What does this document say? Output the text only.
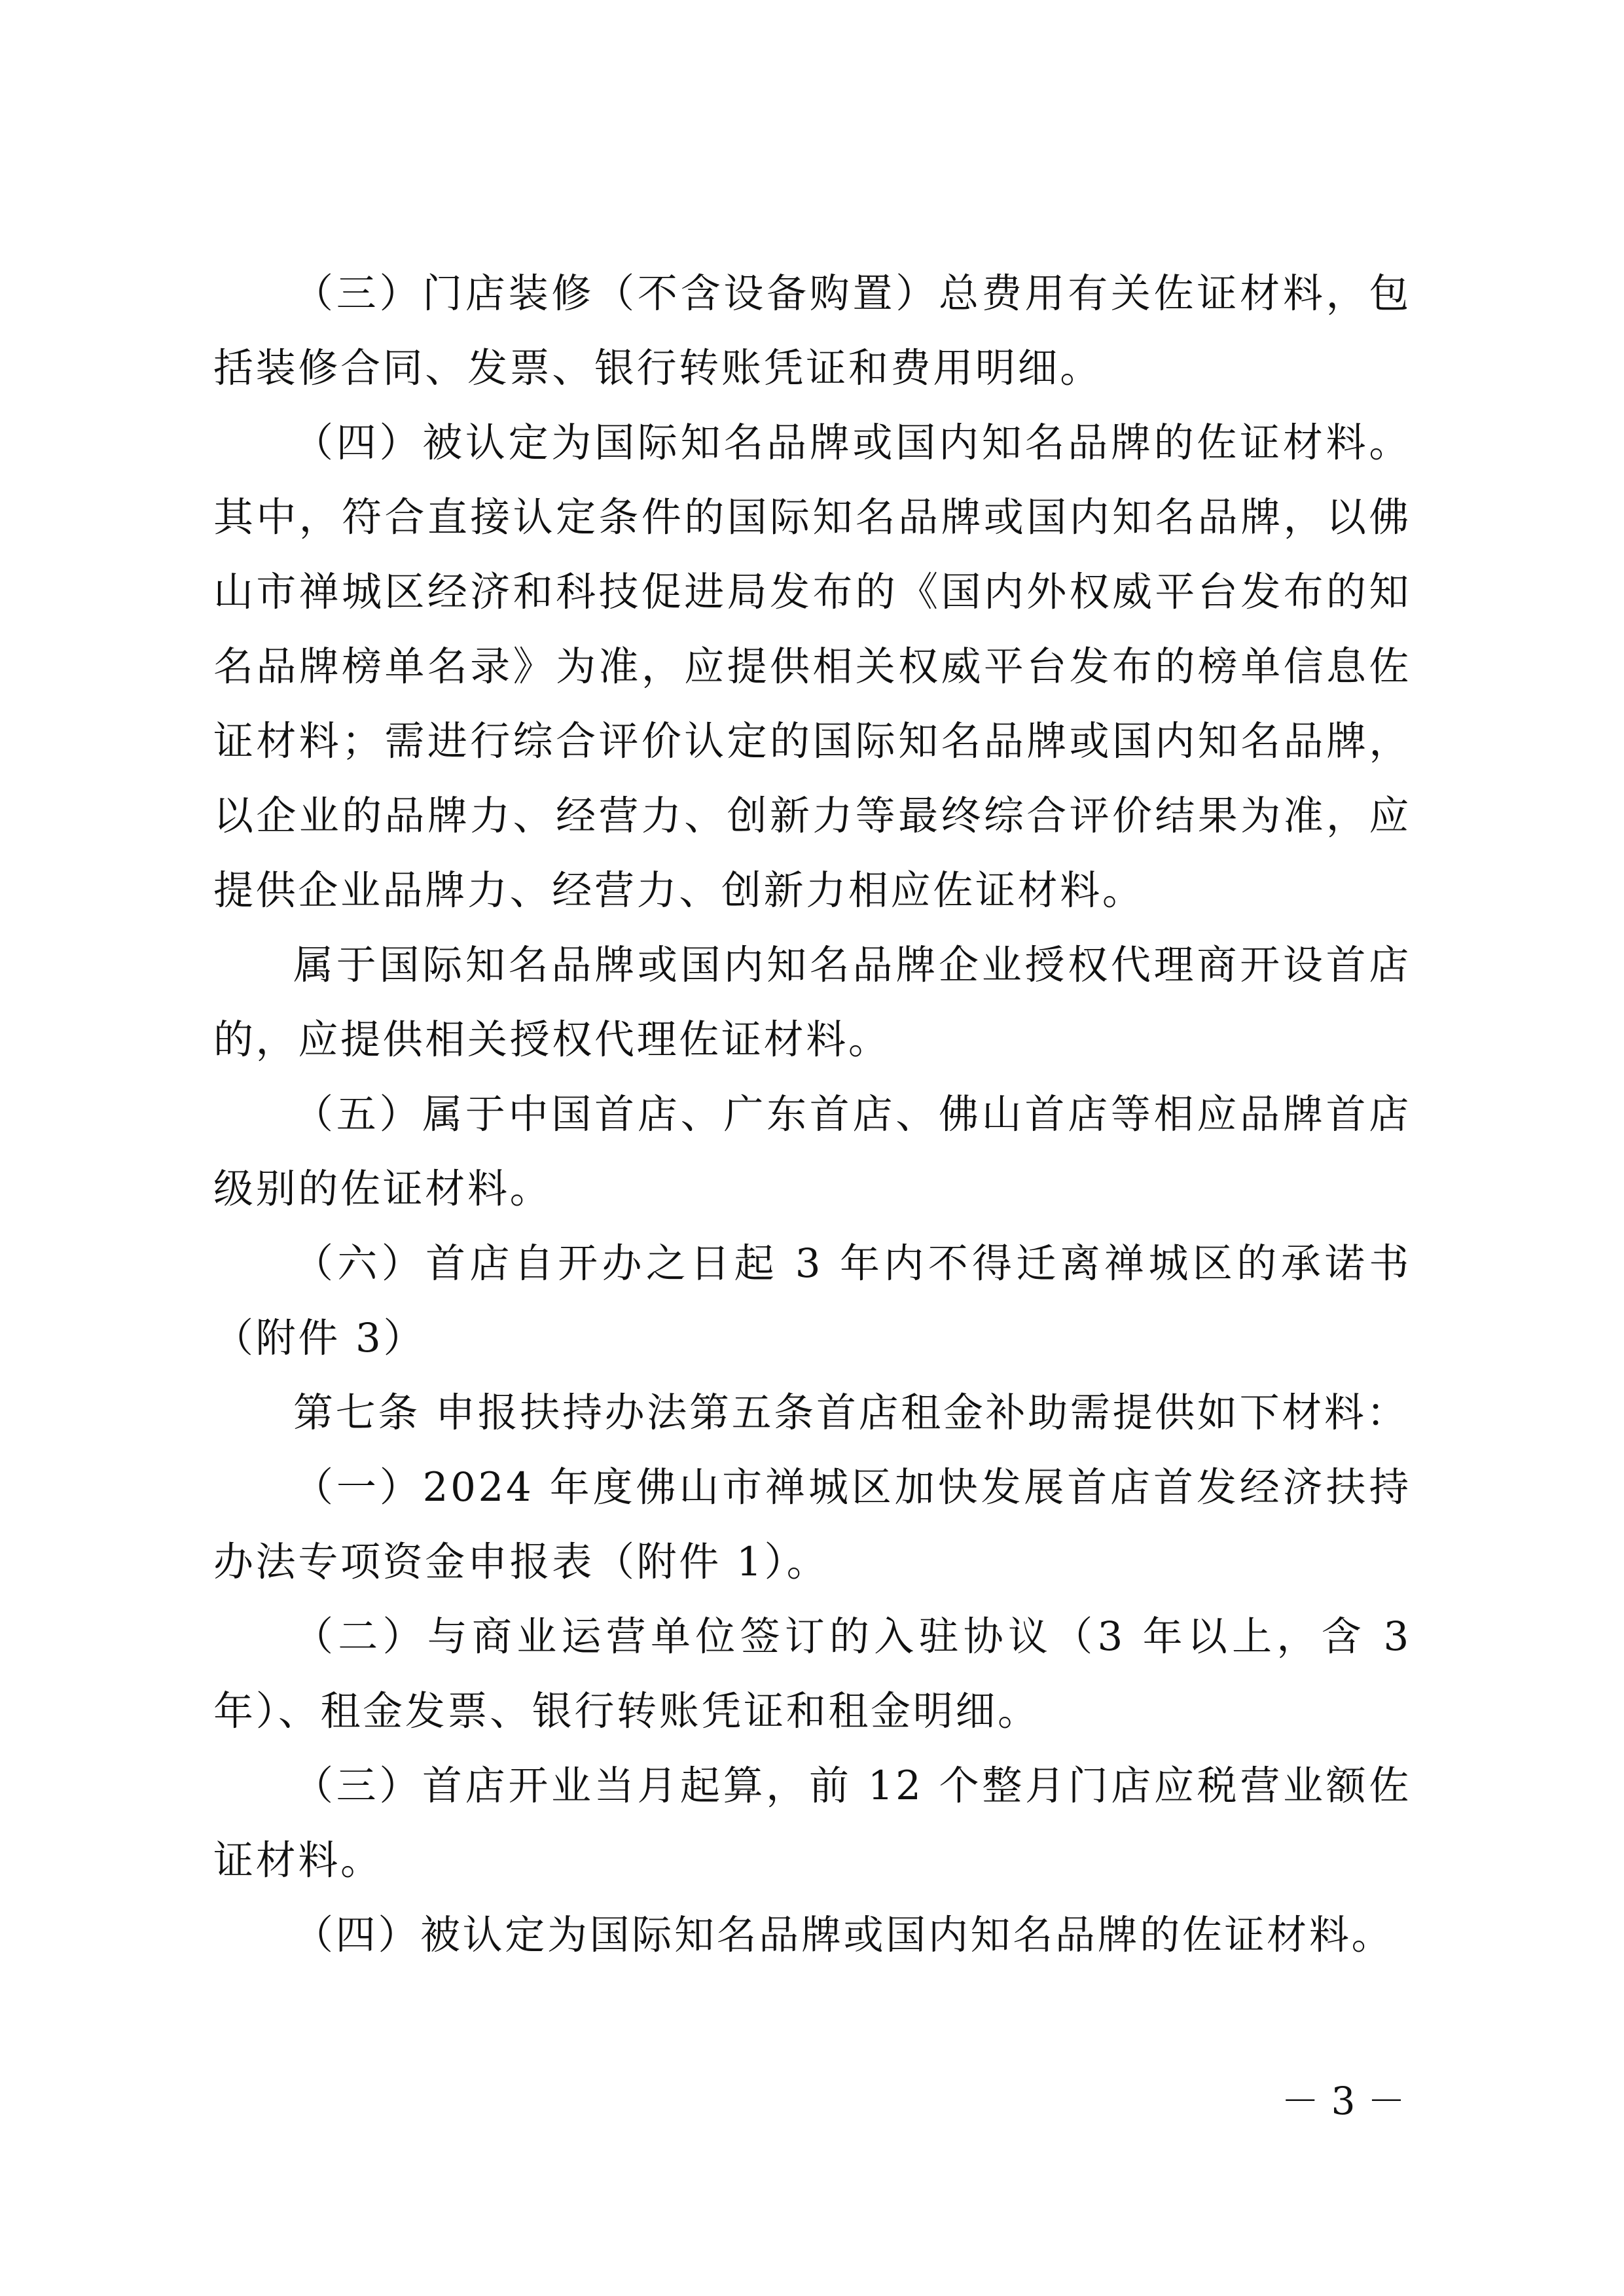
（三）门店装修（不含设备购置）总费用有关佐证材料，包括装修合同、发票、银行转账凭证和费用明细。

（四）被认定为国际知名品牌或国内知名品牌的佐证材料。其中，符合直接认定条件的国际知名品牌或国内知名品牌，以佛山市禅城区经济和科技促进局发布的《国内外权威平台发布的知名品牌榜单名录》为准，应提供相关权威平台发布的榜单信息佐证材料；需进行综合评价认定的国际知名品牌或国内知名品牌，以企业的品牌力、经营力、创新力等最终综合评价结果为准，应提供企业品牌力、经营力、创新力相应佐证材料。

属于国际知名品牌或国内知名品牌企业授权代理商开设首店的，应提供相关授权代理佐证材料。

（五）属于中国首店、广东首店、佛山首店等相应品牌首店级别的佐证材料。

（六）首店自开办之日起 3 年内不得迁离禅城区的承诺书（附件 3）

第七条 申报扶持办法第五条首店租金补助需提供如下材料：

（一）2024 年度佛山市禅城区加快发展首店首发经济扶持办法专项资金申报表（附件 1）。

（二）与商业运营单位签订的入驻协议（3 年以上，含 3 年）、租金发票、银行转账凭证和租金明细。

（三）首店开业当月起算，前 12 个整月门店应税营业额佐证材料。

（四）被认定为国际知名品牌或国内知名品牌的佐证材料。

－ 3 －
